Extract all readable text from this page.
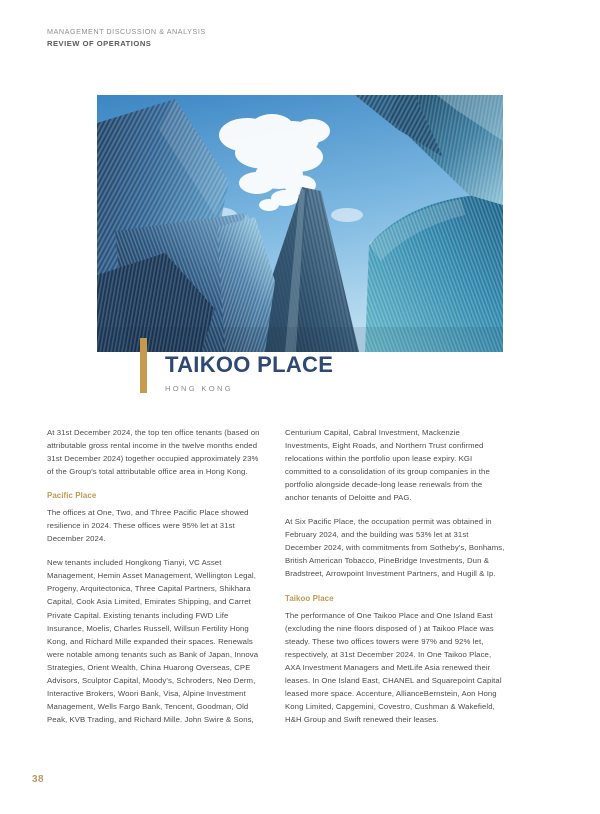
MANAGEMENT DISCUSSION & ANALYSIS
REVIEW OF OPERATIONS
TAIKOO PLACE
HONG KONG

At 31st December 2024, the top ten office tenants (based on attributable gross rental income in the twelve months ended 31st December 2024) together occupied approximately 23% of the Group's total attributable office area in Hong Kong.

Pacific Place

The offices at One, Two, and Three Pacific Place showed resilience in 2024. These offices were 95% let at 31st December 2024.

New tenants included Hongkong Tianyi, VC Asset Management, Hemin Asset Management, Wellington Legal, Progeny, Arquitectonica, Three Capital Partners, Shikhara Capital, Cook Asia Limited, Emirates Shipping, and Carret Private Capital. Existing tenants including FWD Life Insurance, Moelis, Charles Russell, Willsun Fertility Hong Kong, and Richard Mille expanded their spaces. Renewals were notable among tenants such as Bank of Japan, Innova Strategies, Orient Wealth, China Huarong Overseas, CPE Advisors, Sculptor Capital, Moody's, Schroders, Neo Derm, Interactive Brokers, Woori Bank, Visa, Alpine Investment Management, Wells Fargo Bank, Tencent, Goodman, Old Peak, KVB Trading, and Richard Mille. John Swire & Sons,

Centurium Capital, Cabral Investment, Mackenzie Investments, Eight Roads, and Northern Trust confirmed relocations within the portfolio upon lease expiry. KGI committed to a consolidation of its group companies in the portfolio alongside decade-long lease renewals from the anchor tenants of Deloitte and PAG.

At Six Pacific Place, the occupation permit was obtained in February 2024, and the building was 53% let at 31st December 2024, with commitments from Sotheby's, Bonhams, British American Tobacco, PineBridge Investments, Dun & Bradstreet, Arrowpoint Investment Partners, and Hugill & Ip.

Taikoo Place

The performance of One Taikoo Place and One Island East (excluding the nine floors disposed of ) at Taikoo Place was steady. These two offices towers were 97% and 92% let, respectively, at 31st December 2024. In One Taikoo Place, AXA Investment Managers and MetLife Asia renewed their leases. In One Island East, CHANEL and Squarepoint Capital leased more space. Accenture, AllianceBernstein, Aon Hong Kong Limited, Capgemini, Covestro, Cushman & Wakefield, H&H Group and Swift renewed their leases.

38
